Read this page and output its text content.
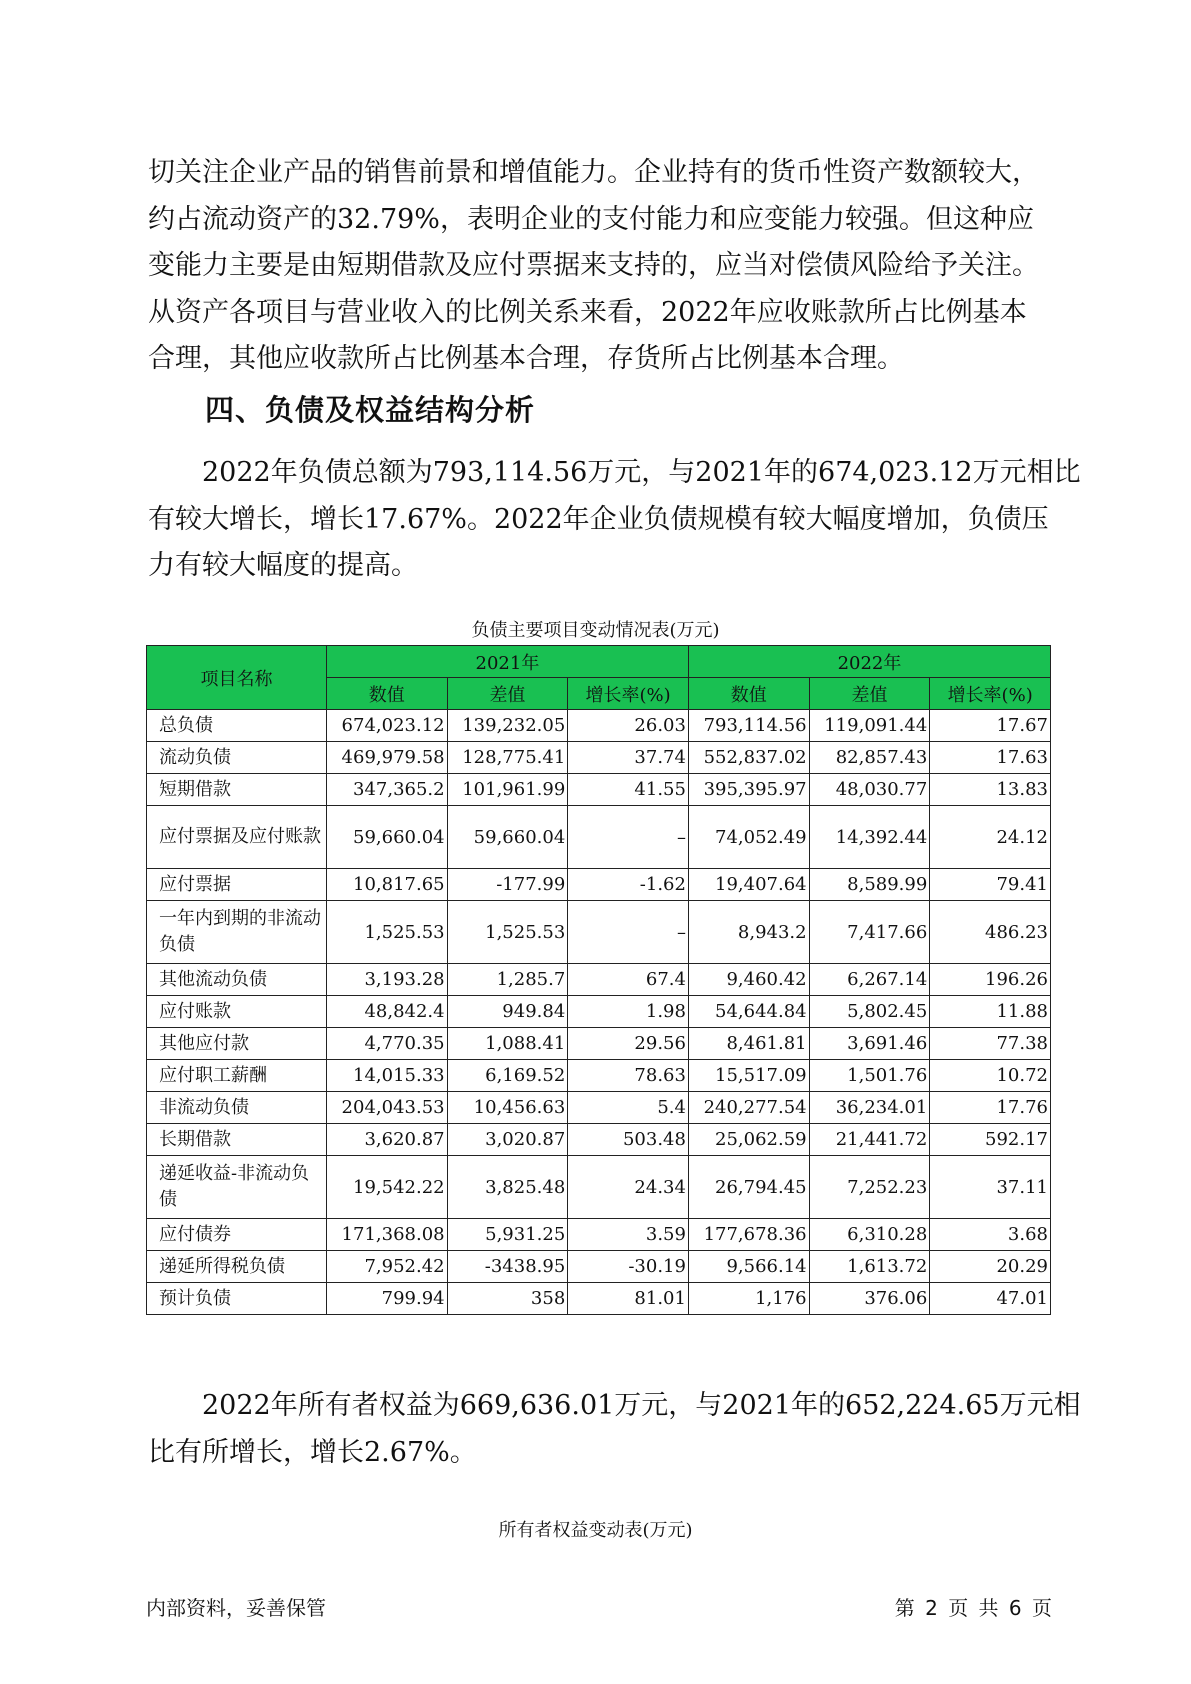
切关注企业产品的销售前景和增值能力。企业持有的货币性资产数额较大，
约占流动资产的32.79%，表明企业的支付能力和应变能力较强。但这种应
变能力主要是由短期借款及应付票据来支持的，应当对偿债风险给予关注。
从资产各项目与营业收入的比例关系来看，2022年应收账款所占比例基本
合理，其他应收款所占比例基本合理，存货所占比例基本合理。
四、负债及权益结构分析
　　2022年负债总额为793,114.56万元，与2021年的674,023.12万元相比
有较大增长，增长17.67%。2022年企业负债规模有较大幅度增加，负债压
力有较大幅度的提高。

负债主要项目变动情况表(万元)

项目名称	2021年			2022年		
	数值	差值	增长率(%)	数值	差值	增长率(%)
总负债	674,023.12	139,232.05	26.03	793,114.56	119,091.44	17.67
流动负债	469,979.58	128,775.41	37.74	552,837.02	82,857.43	17.63
短期借款	347,365.2	101,961.99	41.55	395,395.97	48,030.77	13.83
应付票据及应付账款	59,660.04	59,660.04	–	74,052.49	14,392.44	24.12
应付票据	10,817.65	-177.99	-1.62	19,407.64	8,589.99	79.41
一年内到期的非流动负债	1,525.53	1,525.53	–	8,943.2	7,417.66	486.23
其他流动负债	3,193.28	1,285.7	67.4	9,460.42	6,267.14	196.26
应付账款	48,842.4	949.84	1.98	54,644.84	5,802.45	11.88
其他应付款	4,770.35	1,088.41	29.56	8,461.81	3,691.46	77.38
应付职工薪酬	14,015.33	6,169.52	78.63	15,517.09	1,501.76	10.72
非流动负债	204,043.53	10,456.63	5.4	240,277.54	36,234.01	17.76
长期借款	3,620.87	3,020.87	503.48	25,062.59	21,441.72	592.17
递延收益-非流动负债	19,542.22	3,825.48	24.34	26,794.45	7,252.23	37.11
应付债券	171,368.08	5,931.25	3.59	177,678.36	6,310.28	3.68
递延所得税负债	7,952.42	-3438.95	-30.19	9,566.14	1,613.72	20.29
预计负债	799.94	358	81.01	1,176	376.06	47.01
　　2022年所有者权益为669,636.01万元，与2021年的652,224.65万元相
比有所增长，增长2.67%。

所有者权益变动表(万元)

内部资料，妥善保管	第 2 页 共 6 页
